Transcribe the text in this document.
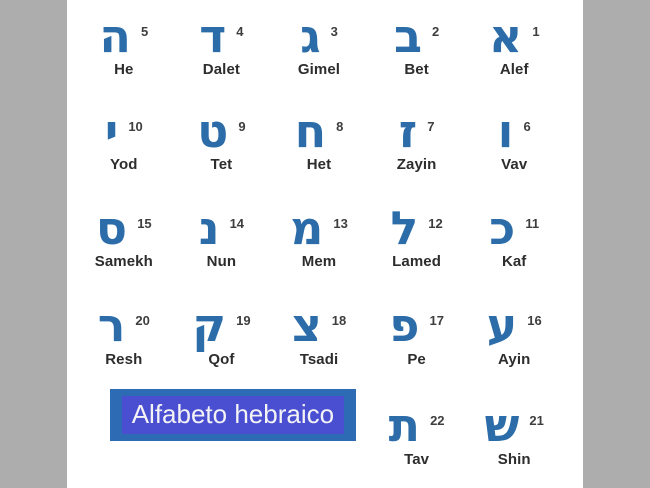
ה 5
He
ד 4
Dalet
ג 3
Gimel
ב 2
Bet
א 1
Alef
י 10
Yod
ט 9
Tet
ח 8
Het
ז 7
Zayin
ו 6
Vav
ס 15
Samekh
נ 14
Nun
מ 13
Mem
ל 12
Lamed
כ 11
Kaf
ר 20
Resh
ק 19
Qof
צ 18
Tsadi
פ 17
Pe
ע 16
Ayin
Alfabeto hebraico ת 22
Tav
ש 21
Shin
